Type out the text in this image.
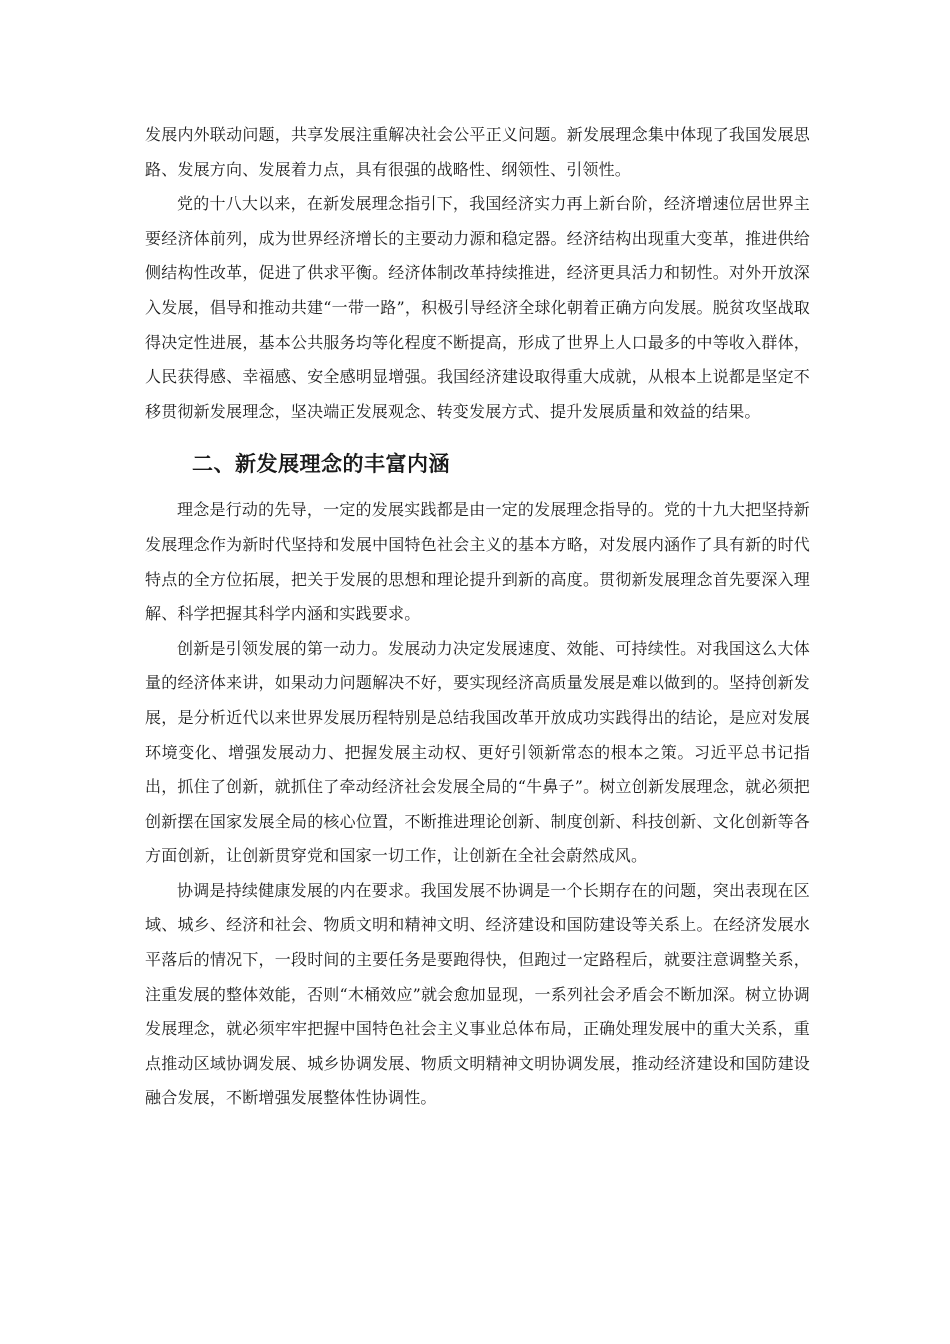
发展内外联动问题，共享发展注重解决社会公平正义问题。新发展理念集中体现了我国发展思路、发展方向、发展着力点，具有很强的战略性、纲领性、引领性。

党的十八大以来，在新发展理念指引下，我国经济实力再上新台阶，经济增速位居世界主要经济体前列，成为世界经济增长的主要动力源和稳定器。经济结构出现重大变革，推进供给侧结构性改革，促进了供求平衡。经济体制改革持续推进，经济更具活力和韧性。对外开放深入发展，倡导和推动共建“一带一路”，积极引导经济全球化朝着正确方向发展。脱贫攻坚战取得决定性进展，基本公共服务均等化程度不断提高，形成了世界上人口最多的中等收入群体，人民获得感、幸福感、安全感明显增强。我国经济建设取得重大成就，从根本上说都是坚定不移贯彻新发展理念，坚决端正发展观念、转变发展方式、提升发展质量和效益的结果。

二、新发展理念的丰富内涵

理念是行动的先导，一定的发展实践都是由一定的发展理念指导的。党的十九大把坚持新发展理念作为新时代坚持和发展中国特色社会主义的基本方略，对发展内涵作了具有新的时代特点的全方位拓展，把关于发展的思想和理论提升到新的高度。贯彻新发展理念首先要深入理解、科学把握其科学内涵和实践要求。

创新是引领发展的第一动力。发展动力决定发展速度、效能、可持续性。对我国这么大体量的经济体来讲，如果动力问题解决不好，要实现经济高质量发展是难以做到的。坚持创新发展，是分析近代以来世界发展历程特别是总结我国改革开放成功实践得出的结论，是应对发展环境变化、增强发展动力、把握发展主动权、更好引领新常态的根本之策。习近平总书记指出，抓住了创新，就抓住了牵动经济社会发展全局的“牛鼻子”。树立创新发展理念，就必须把创新摆在国家发展全局的核心位置，不断推进理论创新、制度创新、科技创新、文化创新等各方面创新，让创新贯穿党和国家一切工作，让创新在全社会蔚然成风。

协调是持续健康发展的内在要求。我国发展不协调是一个长期存在的问题，突出表现在区域、城乡、经济和社会、物质文明和精神文明、经济建设和国防建设等关系上。在经济发展水平落后的情况下，一段时间的主要任务是要跑得快，但跑过一定路程后，就要注意调整关系，注重发展的整体效能，否则“木桶效应”就会愈加显现，一系列社会矛盾会不断加深。树立协调发展理念，就必须牢牢把握中国特色社会主义事业总体布局，正确处理发展中的重大关系，重点推动区域协调发展、城乡协调发展、物质文明精神文明协调发展，推动经济建设和国防建设融合发展，不断增强发展整体性协调性。
